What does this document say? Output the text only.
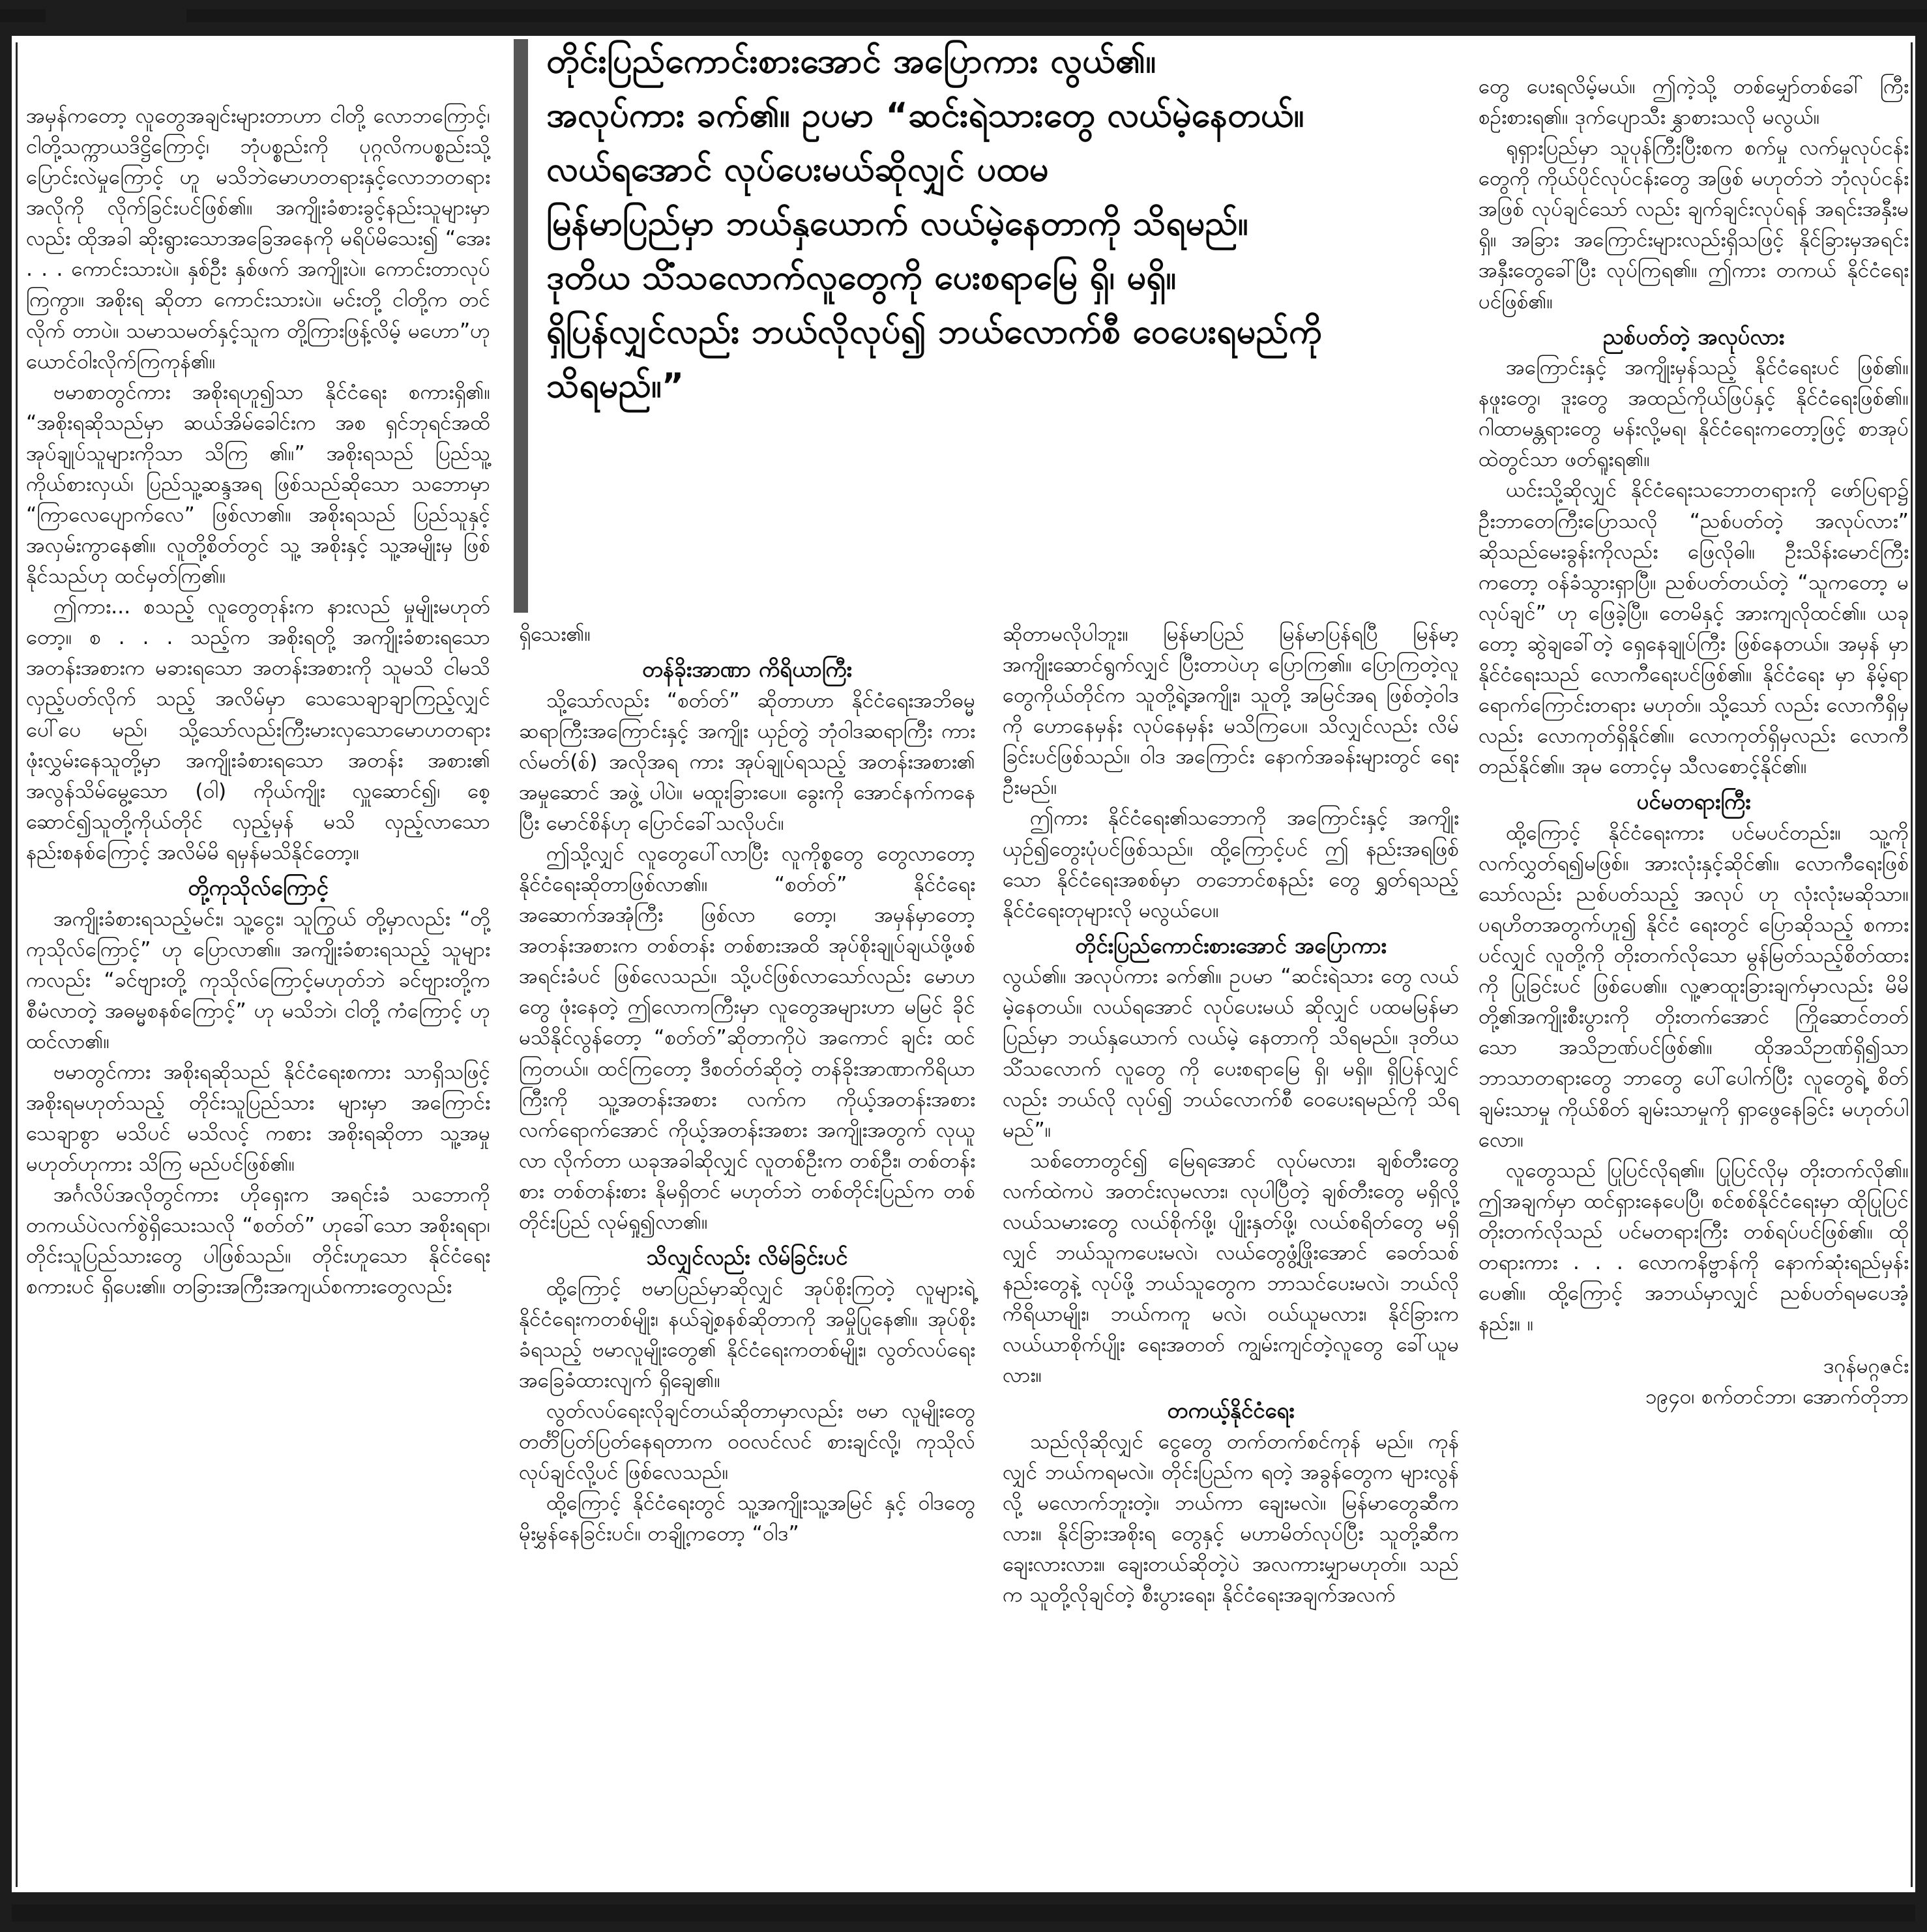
တိုင်းပြည်ကောင်းစားအောင် အပြောကား လွယ်၏။

အလုပ်ကား ခက်၏။ ဥပမာ “ဆင်းရဲသားတွေ လယ်မဲ့နေတယ်။

လယ်ရအောင် လုပ်ပေးမယ်ဆိုလျှင် ပထမ

မြန်မာပြည်မှာ ဘယ်နှယောက် လယ်မဲ့နေတာကို သိရမည်။

ဒုတိယ သိံသလောက်လူတွေကို ပေးစရာမြေ ရှိ၊ မရှိ။

ရှိပြန်လျှင်လည်း ဘယ်လိုလုပ်၍ ဘယ်လောက်စီ ဝေပေးရမည်ကို

သိရမည်။”

အမှန်ကတော့ လူတွေအချင်းများတာဟာ ငါတို့ လောဘကြောင့်၊ ငါတို့သက္ကာယဒိဋ္ဌိကြောင့်၊ ဘုံပစ္စည်းကို ပုဂ္ဂလိကပစ္စည်းသို့ ပြောင်းလဲမှုကြောင့် ဟူ မသိဘဲမောဟတရားနှင့်လောဘတရားအလိုကို လိုက်ခြင်းပင်ဖြစ်၏။ အကျိုးခံစားခွင့်နည်းသူများမှာလည်း ထိုအခါ ဆိုးရွားသောအခြေအနေကို မရိပ်မိသေး၍ “အေး . . . ကောင်းသားပဲ။ နှစ်ဦး နှစ်ဖက် အကျိုးပဲ။ ကောင်းတာလုပ်ကြကွာ။ အစိုးရ ဆိုတာ ကောင်းသားပဲ။ မင်းတို့ ငါတို့က တင်လိုက် တာပဲ။ သမာသမတ်နှင့်သူက တို့ကြားဖြန့်လိမ့် မဟော”ဟု ယောင်ဝါးလိုက်ကြကုန်၏။

ဗမာစာတွင်ကား အစိုးရဟူ၍သာ နိုင်ငံရေး စကားရှိ၏။ “အစိုးရဆိုသည်မှာ ဆယ်အိမ်ခေါင်းက အစ ရှင်ဘုရင်အထိ အုပ်ချုပ်သူများကိုသာ သိကြ ၏။” အစိုးရသည် ပြည်သူ့ကိုယ်စားလှယ်၊ ပြည်သူ့ဆန္ဒအရ ဖြစ်သည်ဆိုသော သဘောမှာ “ကြာလေပျောက်လေ” ဖြစ်လာ၏။ အစိုးရသည် ပြည်သူနှင့် အလှမ်းကွာနေ၏။ လူတို့စိတ်တွင် သူ့ အစိုးနှင့် သူ့အမျိုးမှ ဖြစ်နိုင်သည်ဟု ထင်မှတ်ကြ၏။

ဤကား... စသည့် လူတွေတုန်းက နားလည် မှုမျိုးမဟုတ်တော့။ စ . . . သည့်က အစိုးရတို့ အကျိုးခံစားရသောအတန်းအစားက မခားရသော အတန်းအစားကို သူမသိ ငါမသိ လှည့်ပတ်လိုက် သည့် အလိမ်မှာ သေသေချာချာကြည့်လျှင် ပေါ်ပေ မည်၊ သို့သော်လည်းကြီးမားလှသောမောဟတရား ဖုံးလွှမ်းနေသူတို့မှာ အကျိုးခံစားရသော အတန်း အစား၏ အလွန်သိမ်မွေ့သော (၀ါ) ကိုယ်ကျိုး လှူဆောင်၍၊ စေ့ဆောင်၍သူတို့ကိုယ်တိုင် လှည့်မှန် မသိ လှည့်လာသောနည်းစနစ်ကြောင့် အလိမ်မိ ရမှန်မသိနိုင်တော့။

တို့ကုသိုလ်ကြောင့်

အကျိုးခံစားရသည့်မင်း၊ သူ့ငွေး၊ သူကြွယ် တို့မှာလည်း “တို့ကုသိုလ်ကြောင့်” ဟု ပြောလာ၏။ အကျိုးခံစားရသည့် သူများကလည်း “ခင်ဗျားတို့ ကုသိုလ်ကြောင့်မဟုတ်ဘဲ ခင်ဗျားတို့က စီမံလာတဲ့ အဓမ္မစနစ်ကြောင့်” ဟု မသိဘဲ၊ ငါတို့ ကံကြောင့် ဟု ထင်လာ၏။

ဗမာတွင်ကား အစိုးရဆိုသည် နိုင်ငံရေးစကား သာရှိသဖြင့် အစိုးရမဟုတ်သည့် တိုင်းသူပြည်သား များမှာ အကြောင်းသေချာစွာ မသိပင် မသိလင့် ကစား အစိုးရဆိုတာ သူ့အမှုမဟုတ်ဟုကား သိကြ မည်ပင်ဖြစ်၏။

အင်္ဂလိပ်အလိုတွင်ကား ဟိုရှေးက အရင်းခံ သဘောကို တကယ်ပဲလက်စွဲရှိသေးသလို “စတ်တ်” ဟုခေါ်သော အစိုးရရာ၊ တိုင်းသူပြည်သားတွေ ပါဖြစ်သည်။ တိုင်းဟူသော နိုင်ငံရေးစကားပင် ရှိပေး၏။ တခြားအကြီးအကျယ်စကားတွေလည်း

ရှိသေး၏။

တန်ခိုးအာဏာ ကိရိယာကြီး

သို့သော်လည်း “စတ်တ်” ဆိုတာဟာ နိုင်ငံရေးအဘိဓမ္မဆရာကြီးအကြောင်းနှင့် အကျိုး ယှဉ်တွဲ ဘုံဝါဒဆရာကြီး ကားလ်မတ်(စ်) အလိုအရ ကား အုပ်ချုပ်ရသည့် အတန်းအစား၏ အမှုဆောင် အဖွဲ့ ပါပဲ။ မထူးခြားပေ။ ခွေးကို အောင်နက်ကနေပြီး မောင်စိန်ဟု ပြောင်ခေါ်သလိုပင်။

ဤသို့လျှင် လူတွေပေါ်လာပြီး လူကိုစ္စတွေ တွေလာတော့ နိုင်ငံရေးဆိုတာဖြစ်လာ၏။ “စတ်တ်” နိုင်ငံရေး အဆောက်အအုံကြီး ဖြစ်လာ တော့၊ အမှန်မှာတော့ အတန်းအစားက တစ်တန်း တစ်စားအထိ အုပ်စိုးချုပ်ချယ်ဖို့ဖစ် အရင်းခံပင် ဖြစ်လေသည်။ သို့ပင်ဖြစ်လာသော်လည်း မောဟတွေ ဖုံးနေတဲ့ ဤလောကကြီးမှာ လူတွေအများဟာ မမြင် ခိုင် မသိနိုင်လွန်တော့ “စတ်တ်”ဆိုတာကိုပဲ အကောင် ချင်း ထင်ကြတယ်။ ထင်ကြတော့ ဒီစတ်တ်ဆိုတဲ့ တန်ခိုးအာဏာကိရိယာကြီးကို သူ့အတန်းအစား လက်က ကိုယ့်အတန်းအစားလက်ရောက်အောင် ကိုယ့်အတန်းအစား အကျိုးအတွက် လုယူလာ လိုက်တာ ယခုအခါဆိုလျှင် လူတစ်ဦးက တစ်ဦး၊ တစ်တန်းစား တစ်တန်းစား နိုမရှိတင် မဟုတ်ဘဲ တစ်တိုင်းပြည်က တစ်တိုင်းပြည် လုမ်ရှု၍လာ၏။

သိလျှင်လည်း လိမ်ခြင်းပင်

ထို့ကြောင့် ဗမာပြည်မှာဆိုလျှင် အုပ်စိုးကြတဲ့ လူများရဲ့ နိုင်ငံရေးကတစ်မျိုး၊ နယ်ချဲ့စနစ်ဆိုတာကို အမှိုပြုနေ၏။ အုပ်စိုးခံရသည့် ဗမာလူမျိုးတွေ၏ နိုင်ငံရေးကတစ်မျိုး၊ လွတ်လပ်ရေး အခြေခံထားလျက် ရှိချေ၏။

လွတ်လပ်ရေးလိုချင်တယ်ဆိုတာမှာလည်း ဗမာ လူမျိုးတွေ တင်္တိပြတ်ပြတ်နေရတာက ဝဝလင်လင် စားချင်လို့၊ ကုသိုလ်လုပ်ချင်လို့ပင် ဖြစ်လေသည်။

ထို့ကြောင့် နိုင်ငံရေးတွင် သူ့အကျိုးသူ့အမြင် နှင့် ဝါဒတွေ မိုးမွှန်နေခြင်းပင်။ တချို့ကတော့ “ဝါဒ”

ဆိုတာမလိုပါဘူး။ မြန်မာပြည် မြန်မာပြန်ရပြီ မြန်မာ့ အကျိုးဆောင်ရွက်လျှင် ပြီးတာပဲဟု ပြောကြ၏။ ပြောကြတဲ့လူတွေကိုယ်တိုင်က သူတို့ရဲ့အကျိုး၊ သူတို့ အမြင်အရ ဖြစ်တဲ့ဝါဒကို ဟောနေမှန်း လုပ်နေမှန်း မသိကြပေ။ သိလျှင်လည်း လိမ်ခြင်းပင်ဖြစ်သည်။ ဝါဒ အကြောင်း နောက်အခန်းများတွင် ရေးဦးမည်။

ဤကား နိုင်ငံရေး၏သဘောကို အကြောင်းနှင့် အကျိုး ယှဉ်၍တွေးပုံပင်ဖြစ်သည်။ ထို့ကြောင့်ပင် ဤ နည်းအရဖြစ်သော နိုင်ငံရေးအစစ်မှာ တဘောင်စနည်း တွေ ရွှတ်ရသည့်နိုင်ငံရေးတုများလို မလွယ်ပေ။

တိုင်းပြည်ကောင်းစားအောင် အပြောကား

လွယ်၏။ အလုပ်ကား ခက်၏။ ဥပမာ “ဆင်းရဲသား တွေ လယ်မဲ့နေတယ်။ လယ်ရအောင် လုပ်ပေးမယ် ဆိုလျှင် ပထမမြန်မာပြည်မှာ ဘယ်နှယောက် လယ်မဲ့ နေတာကို သိရမည်။ ဒုတိယ သိံသလောက် လူတွေ ကို ပေးစရာမြေ ရှိ၊ မရှိ။ ရှိပြန်လျှင်လည်း ဘယ်လို လုပ်၍ ဘယ်လောက်စီ ဝေပေးရမည်ကို သိရမည်”။

သစ်တောတွင်၍ မြေရအောင် လုပ်မလား၊ ချစ်တီးတွေ လက်ထဲကပဲ အတင်းလုမလား၊ လုပါပြီတဲ့ ချစ်တီးတွေ မရှိလို့ လယ်သမားတွေ လယ်စိုက်ဖို့၊ ပျိုးနှတ်ဖို့၊ လယ်စရိတ်တွေ မရှိလျှင် ဘယ်သူကပေးမလဲ၊ လယ်တွေဖွံ့ဖြိုးအောင် ခေတ်သစ်နည်းတွေနဲ့ လုပ်ဖို့ ဘယ်သူတွေက ဘာသင်ပေးမလဲ၊ ဘယ်လိုကိရိယာမျိုး၊ ဘယ်ကကူ မလဲ၊ ဝယ်ယူမလား၊ နိုင်ခြားက လယ်ယာစိုက်ပျိုး ရေးအတတ် ကျွမ်းကျင်တဲ့လူတွေ ခေါ်ယူမလား။

တကယ့်နိုင်ငံရေး

သည်လိုဆိုလျှင် ငွေတွေ တက်တက်စင်ကုန် မည်။ ကုန်လျှင် ဘယ်ကရမလဲ။ တိုင်းပြည်က ရတဲ့ အခွန်တွေက များလွန်လို့ မလောက်ဘူးတဲ့။ ဘယ်ကာ ချေးမလဲ။ မြန်မာတွေဆီကလား။ နိုင်ခြားအစိုးရ တွေနှင့် မဟာမိတ်လုပ်ပြီး သူတို့ဆီက ချေးလားလား။ ချေးတယ်ဆိုတဲ့ပဲ အလကားမျှာမဟုတ်။ သည်က သူတို့လိုချင်တဲ့ စီးပွားရေး၊ နိုင်ငံရေးအချက်အလက်

တွေ ပေးရလိမ့်မယ်။ ဤကဲ့သို့ တစ်မျှော်တစ်ခေါ် ကြီး စဉ်းစားရ၏။ ဒုက်ပျောသီး နွှာစားသလို မလွယ်။

ရုရှားပြည်မှာ သူပုန်ကြီးပြီးစက စက်မှု လက်မှုလုပ်ငန်းတွေကို ကိုယ်ပိုင်လုပ်ငန်းတွေ အဖြစ် မဟုတ်ဘဲ ဘုံလုပ်ငန်းအဖြစ် လုပ်ချင်သော် လည်း ချက်ချင်းလုပ်ရန် အရင်းအနှီးမရှိ။ အခြား အကြောင်းများလည်းရှိသဖြင့် နိုင်ခြားမှအရင်း အနှီးတွေခေါ်ပြီး လုပ်ကြရ၏။ ဤကား တကယ် နိုင်ငံရေးပင်ဖြစ်၏။

ညစ်ပတ်တဲ့ အလုပ်လား

အကြောင်းနှင့် အကျိုးမှန်သည့် နိုင်ငံရေးပင် ဖြစ်၏။ နဖူးတွေ၊ ဒူးတွေ အထည်ကိုယ်ဖြပ်နှင့် နိုင်ငံရေးဖြစ်၏။ ဂါထာမန္တရားတွေ မန်းလို့မရ၊ နိုင်ငံရေးကတော့ဖြင့် စာအုပ်ထဲတွင်သာ ဖတ်ရူးရ၏။

ယင်းသို့ဆိုလျှင် နိုင်ငံရေးသဘောတရားကို ဖော်ပြရာ၌ ဦးဘာတေကြီးပြောသလို “ညစ်ပတ်တဲ့ အလုပ်လား” ဆိုသည်မေးခွန်းကိုလည်း ဖြေလိုဓါ။ ဦးသိန်းမောင်ကြီးကတော့ ဝန်ခံသွားရှာပြီ။ ညစ်ပတ်တယ်တဲ့ “သူကတော့ မလုပ်ချင်” ဟု ဖြေခဲ့ပြီ။ တေမိနှင့် အားကျလိုထင်၏။ ယခုတော့ ဆွဲချခေါ်တဲ့ ရှေနေချုပ်ကြီး ဖြစ်နေတယ်။ အမှန် မှာ နိုင်ငံရေးသည် လောကီရေးပင်ဖြစ်၏။ နိုင်ငံရေး မှာ နိမ့်ရာရောက်ကြောင်းတရား မဟုတ်။ သို့သော် လည်း လောကီရှိမှလည်း လောကုတ်ရှိနိုင်၏။ လောကုတ်ရှိမှလည်း လောကီတည်နိုင်၏။ အုမ တောင့်မှ သီလစောင့်နိုင်၏။

ပင်မတရားကြီး

ထို့ကြောင့် နိုင်ငံရေးကား ပင်မပင်တည်း။ သူ့ကို လက်လွှတ်ရ၍မဖြစ်။ အားလုံးနှင့်ဆိုင်၏။ လောကီရေးဖြစ်သော်လည်း ညစ်ပတ်သည့် အလုပ် ဟု လုံးလုံးမဆိုသာ။ ပရဟိတအတွက်ဟူ၍ နိုင်ငံ ရေးတွင် ပြောဆိုသည့် စကားပင်လျှင် လူတို့ကို တိုးတက်လိုသော မွန်မြတ်သည့်စိတ်ထားကို ပြုခြင်းပင် ဖြစ်ပေ၏။ လူ့ဇာထူးခြားချက်မှာလည်း မိမိတို့၏အကျိုးစီးပွားကို တိုးတက်အောင် ကြိုဆောင်တတ်သော အသိဉာဏ်ပင်ဖြစ်၏။ ထိုအသိဉာဏ်ရှိ၍သာ ဘာသာတရားတွေ ဘာတွေ ပေါ်ပေါက်ပြီး လူတွေရဲ့ စိတ်ချမ်းသာမှု ကိုယ်စိတ် ချမ်းသာမှုကို ရှာဖွေနေခြင်း မဟုတ်ပါလော။

လူတွေသည် ပြုပြင်လိုရ၏။ ပြုပြင်လိုမှ တိုးတက်လို၏။ ဤအချက်မှာ ထင်ရှားနေပေပြီ၊ စင်စစ်နိုင်ငံရေးမှာ ထိုပြုပြင်တိုးတက်လိုသည် ပင်မတရားကြီး တစ်ရပ်ပင်ဖြစ်၏။ ထိုတရားကား . . . လောကနိဗ္ဗာန်ကို နောက်ဆုံးရည်မှန်းပေ၏။ ထို့ကြောင့် အဘယ်မှာလျှင် ညစ်ပတ်ရမပေအံ့ နည်း။ ။

ဒဂုန်မဂ္ဂဇင်း
၁၉၄၀၊ စက်တင်ဘာ၊ အောက်တိုဘာ
